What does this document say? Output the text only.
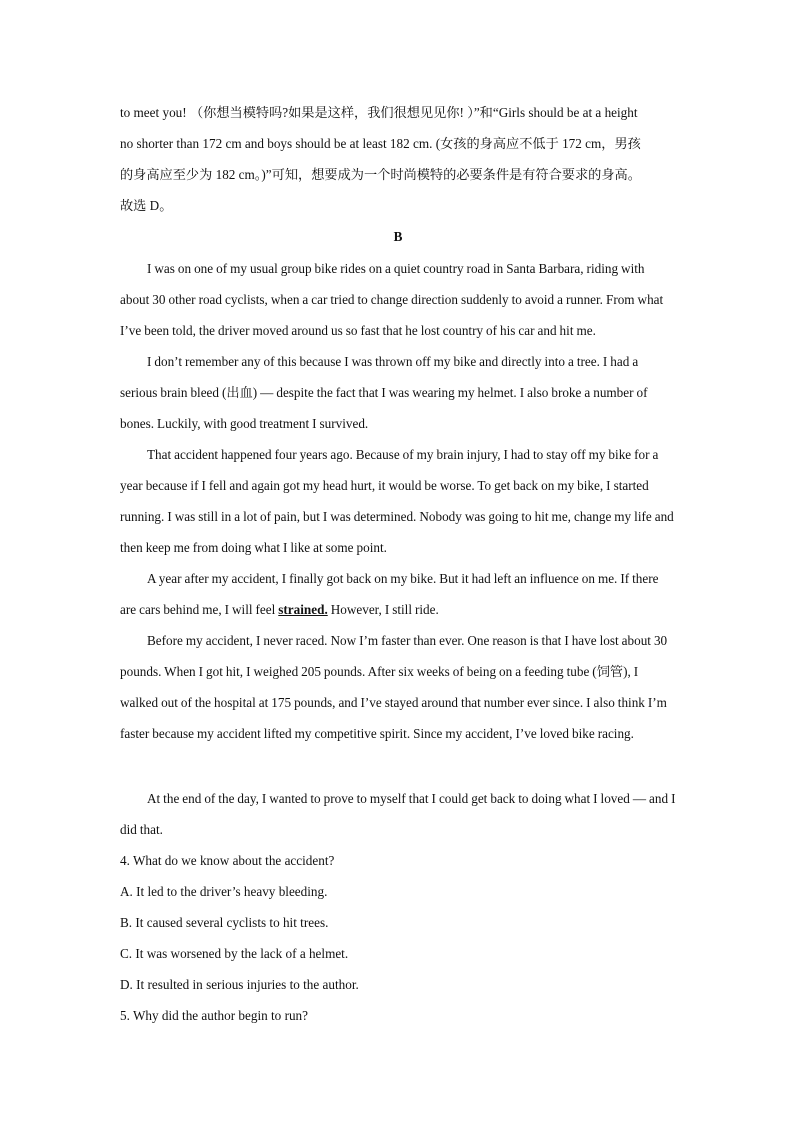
to meet you! （你想当模特吗?如果是这样，我们很想见见你! ）”和“Girls should be at a height
no shorter than 172 cm and boys should be at least 182 cm. (女孩的身高应不低于 172 cm，男孩
的身高应至少为 182 cm。)”可知，想要成为一个时尚模特的必要条件是有符合要求的身高。
故选 D。
B

I was on one of my usual group bike rides on a quiet country road in Santa Barbara, riding with about 30 other road cyclists, when a car tried to change direction suddenly to avoid a runner. From what I’ve been told, the driver moved around us so fast that he lost country of his car and hit me.

I don’t remember any of this because I was thrown off my bike and directly into a tree. I had a serious brain bleed (出血) — despite the fact that I was wearing my helmet. I also broke a number of bones. Luckily, with good treatment I survived.

That accident happened four years ago. Because of my brain injury, I had to stay off my bike for a year because if I fell and again got my head hurt, it would be worse. To get back on my bike, I started running. I was still in a lot of pain, but I was determined. Nobody was going to hit me, change my life and then keep me from doing what I like at some point.

A year after my accident, I finally got back on my bike. But it had left an influence on me. If there are cars behind me, I will feel strained. However, I still ride.

Before my accident, I never raced. Now I’m faster than ever. One reason is that I have lost about 30 pounds. When I got hit, I weighed 205 pounds. After six weeks of being on a feeding tube (饲管), I walked out of the hospital at 175 pounds, and I’ve stayed around that number ever since. I also think I’m faster because my accident lifted my competitive spirit. Since my accident, I’ve loved bike racing.

At the end of the day, I wanted to prove to myself that I could get back to doing what I loved — and I did that.

4. What do we know about the accident?
A. It led to the driver’s heavy bleeding.
B. It caused several cyclists to hit trees.
C. It was worsened by the lack of a helmet.
D. It resulted in serious injuries to the author.
5. Why did the author begin to run?
